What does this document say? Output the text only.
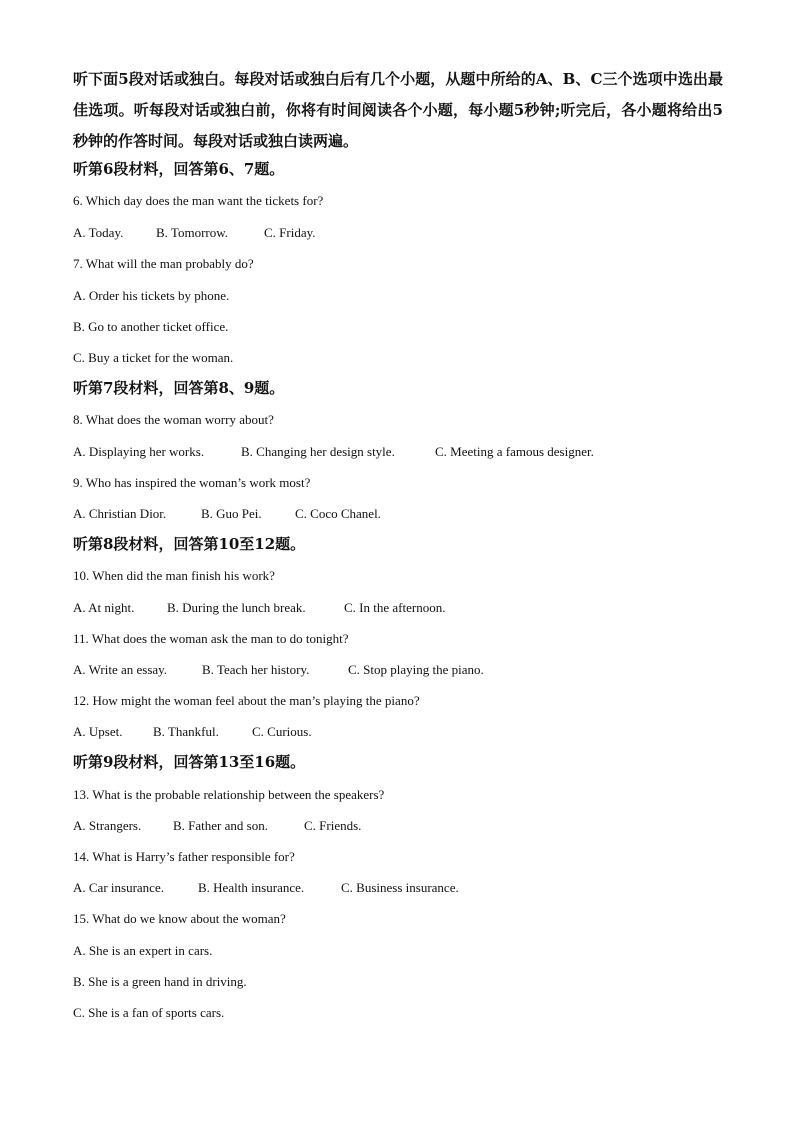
听下面5段对话或独白。每段对话或独白后有几个小题，从题中所给的A、B、C三个选项中选出最佳选项。听每段对话或独白前，你将有时间阅读各个小题，每小题5秒钟;听完后，各小题将给出5秒钟的作答时间。每段对话或独白读两遍。

听第6段材料，回答第6、7题。

6. Which day does the man want the tickets for?

A. Today.	B. Tomorrow.	C. Friday.

7. What will the man probably do?

A. Order his tickets by phone.

B. Go to another ticket office.

C. Buy a ticket for the woman.

听第7段材料，回答第8、9题。

8. What does the woman worry about?

A. Displaying her works.	B. Changing her design style.	C. Meeting a famous designer.

9. Who has inspired the woman’s work most?

A. Christian Dior.	B. Guo Pei.	C. Coco Chanel.

听第8段材料，回答第10至12题。

10. When did the man finish his work?

A. At night.	B. During the lunch break.	C. In the afternoon.

11. What does the woman ask the man to do tonight?

A. Write an essay.	B. Teach her history.	C. Stop playing the piano.

12. How might the woman feel about the man’s playing the piano?

A. Upset.	B. Thankful.	C. Curious.

听第9段材料，回答第13至16题。

13. What is the probable relationship between the speakers?

A. Strangers.	B. Father and son.	C. Friends.

14. What is Harry’s father responsible for?

A. Car insurance.	B. Health insurance.	C. Business insurance.

15. What do we know about the woman?

A. She is an expert in cars.

B. She is a green hand in driving.

C. She is a fan of sports cars.
